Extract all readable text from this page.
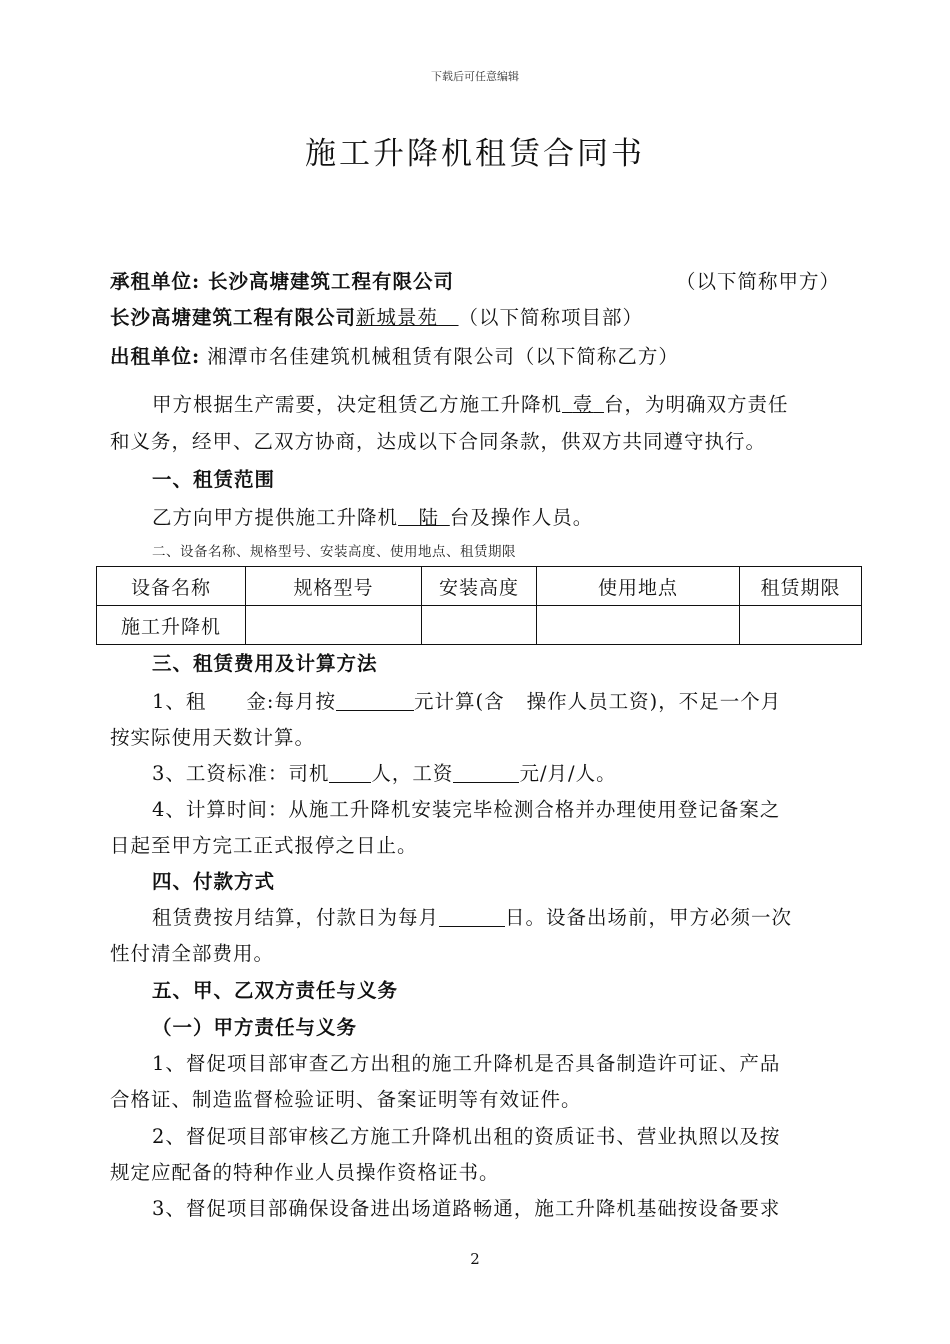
下载后可任意编辑
施工升降机租赁合同书
承租单位: 长沙高塘建筑工程有限公司	（以下简称甲方）
长沙高塘建筑工程有限公司新城景苑  （以下简称项目部）
出租单位: 湘潭市名佳建筑机械租赁有限公司（以下简称乙方）
甲方根据生产需要，决定租赁乙方施工升降机  壹  台，为明确双方责任
和义务，经甲、乙双方协商，达成以下合同条款，供双方共同遵守执行。
一、租赁范围
乙方向甲方提供施工升降机  陆  台及操作人员。
二、设备名称、规格型号、安装高度、使用地点、租赁期限
设备名称	规格型号	安装高度	使用地点	租赁期限
施工升降机				
三、租赁费用及计算方法
1、租 金:每月按	元计算(含 操作人员工资)，不足一个月
按实际使用天数计算。
3、工资标准：司机 人，工资	元/月/人。
4、计算时间：从施工升降机安装完毕检测合格并办理使用登记备案之
日起至甲方完工正式报停之日止。
四、付款方式
租赁费按月结算，付款日为每月	日。设备出场前，甲方必须一次
性付清全部费用。
五、甲、乙双方责任与义务
（一）甲方责任与义务
1、督促项目部审查乙方出租的施工升降机是否具备制造许可证、产品
合格证、制造监督检验证明、备案证明等有效证件。
2、督促项目部审核乙方施工升降机出租的资质证书、营业执照以及按
规定应配备的特种作业人员操作资格证书。
3、督促项目部确保设备进出场道路畅通，施工升降机基础按设备要求
2
